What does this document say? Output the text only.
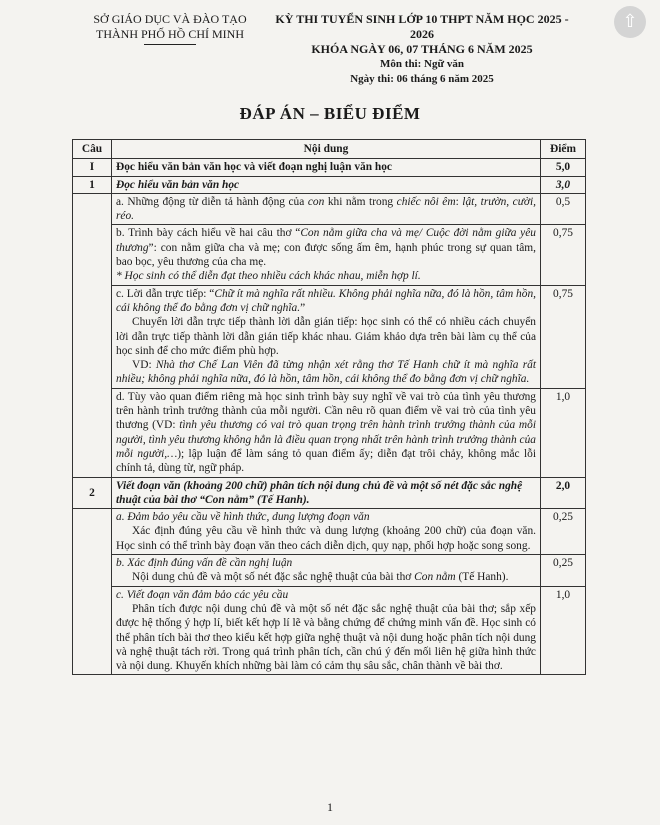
SỞ GIÁO DỤC VÀ ĐÀO TẠO
THÀNH PHỐ HỒ CHÍ MINH
KỲ THI TUYỂN SINH LỚP 10 THPT NĂM HỌC 2025 - 2026
KHÓA NGÀY 06, 07 THÁNG 6 NĂM 2025
Môn thi: Ngữ văn
Ngày thi: 06 tháng 6 năm 2025
ĐÁP ÁN – BIỂU ĐIỂM
Câu	Nội dung	Điểm
I	Đọc hiểu văn bản văn học và viết đoạn nghị luận văn học	5,0
1	Đọc hiểu văn bản văn học	3,0

	a. Những động từ diễn tả hành động của con khi nằm trong chiếc nôi êm: lật, trườn, cười, réo.	0,5

	b. Trình bày cách hiểu về hai câu thơ “Con nằm giữa cha và mẹ/ Cuộc đời nằm giữa yêu thương”: con nằm giữa cha và mẹ; con được sống ấm êm, hạnh phúc trong sự quan tâm, bao bọc, yêu thương của cha mẹ.

* Học sinh có thể diễn đạt theo nhiều cách khác nhau, miễn hợp lí.	0,75

	c. Lời dẫn trực tiếp: “Chữ ít mà nghĩa rất nhiều. Không phải nghĩa nữa, đó là hồn, tâm hồn, cái không thể đo bằng đơn vị chữ nghĩa.”

Chuyển lời dẫn trực tiếp thành lời dẫn gián tiếp: học sinh có thể có nhiều cách chuyển lời dẫn trực tiếp thành lời dẫn gián tiếp khác nhau. Giám khảo dựa trên bài làm cụ thể của học sinh để cho mức điểm phù hợp.

VD: Nhà thơ Chế Lan Viên đã từng nhận xét rằng thơ Tế Hanh chữ ít mà nghĩa rất nhiều; không phải nghĩa nữa, đó là hồn, tâm hồn, cái không thể đo bằng đơn vị chữ nghĩa.	0,75

	d. Tùy vào quan điểm riêng mà học sinh trình bày suy nghĩ về vai trò của tình yêu thương trên hành trình trưởng thành của mỗi người. Cần nêu rõ quan điểm về vai trò của tình yêu thương (VD: tình yêu thương có vai trò quan trọng trên hành trình trưởng thành của mỗi người, tình yêu thương không hẳn là điều quan trọng nhất trên hành trình trưởng thành của mỗi người,…); lập luận để làm sáng tỏ quan điểm ấy; diễn đạt trôi chảy, không mắc lỗi chính tả, dùng từ, ngữ pháp.	1,0
2	Viết đoạn văn (khoảng 200 chữ) phân tích nội dung chủ đề và một số nét đặc sắc nghệ thuật của bài thơ “Con nằm” (Tế Hanh).	2,0

	a. Đảm bảo yêu cầu về hình thức, dung lượng đoạn văn

Xác định đúng yêu cầu về hình thức và dung lượng (khoảng 200 chữ) của đoạn văn. Học sinh có thể trình bày đoạn văn theo cách diễn dịch, quy nạp, phối hợp hoặc song song.	0,25

	b. Xác định đúng vấn đề cần nghị luận

Nội dung chủ đề và một số nét đặc sắc nghệ thuật của bài thơ Con nằm (Tế Hanh).	0,25

	c. Viết đoạn văn đảm bảo các yêu cầu

Phân tích được nội dung chủ đề và một số nét đặc sắc nghệ thuật của bài thơ; sắp xếp được hệ thống ý hợp lí, biết kết hợp lí lẽ và bằng chứng để chứng minh vấn đề. Học sinh có thể phân tích bài thơ theo kiểu kết hợp giữa nghệ thuật và nội dung hoặc phân tích nội dung và nghệ thuật tách rời. Trong quá trình phân tích, cần chú ý đến mối liên hệ giữa hình thức và nội dung. Khuyến khích những bài làm có cảm thụ sâu sắc, chân thành về bài thơ.	1,0
1
⇧
